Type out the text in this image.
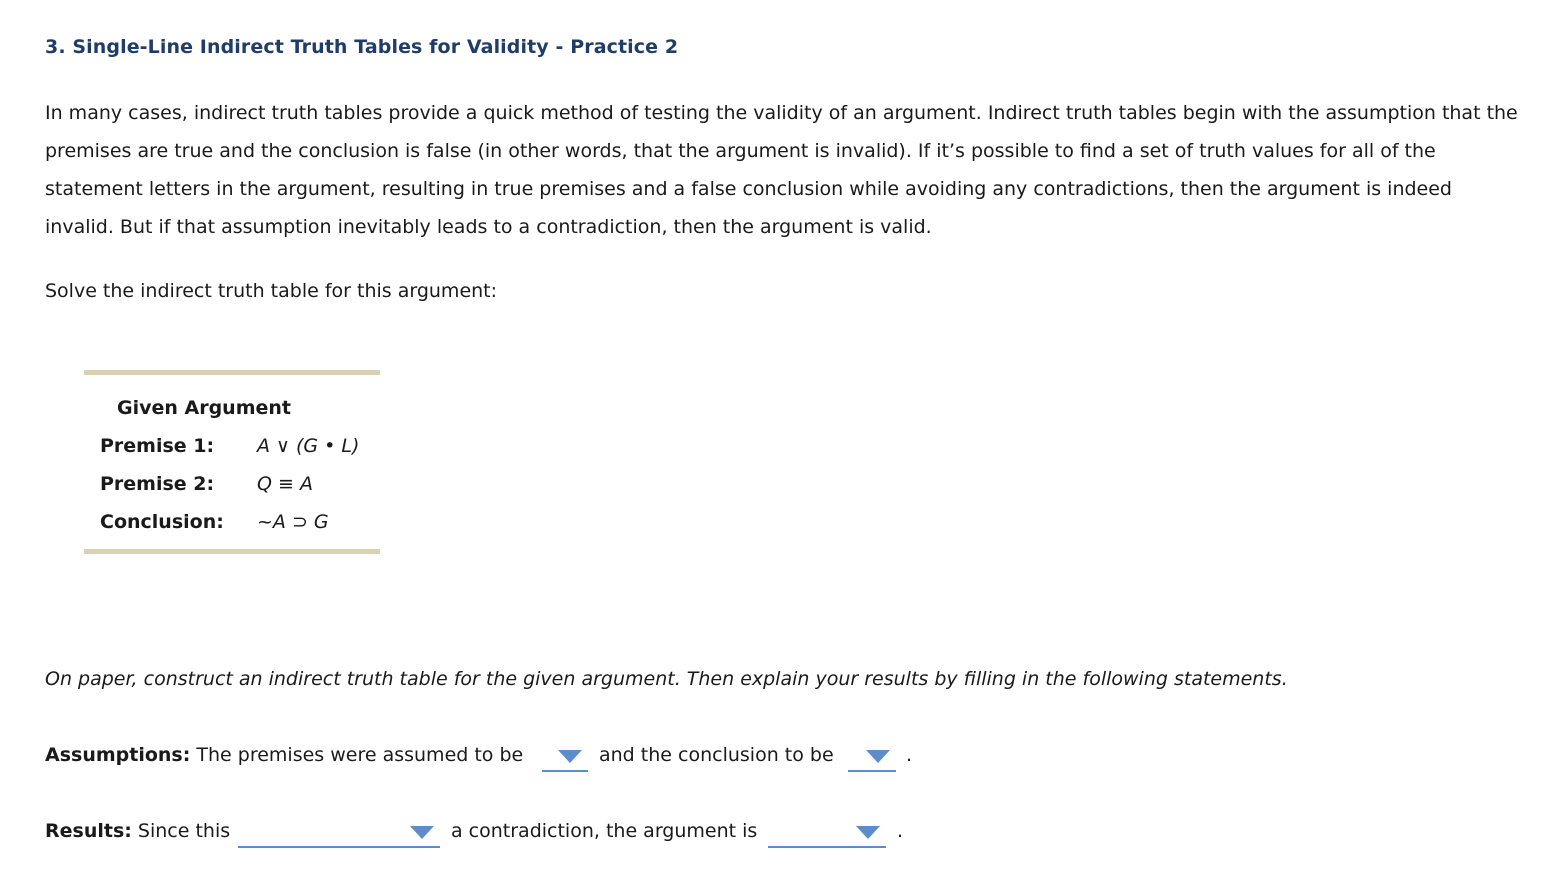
3. Single-Line Indirect Truth Tables for Validity - Practice 2

In many cases, indirect truth tables provide a quick method of testing the validity of an argument. Indirect truth tables begin with the assumption that the premises are true and the conclusion is false (in other words, that the argument is invalid). If it’s possible to find a set of truth values for all of the statement letters in the argument, resulting in true premises and a false conclusion while avoiding any contradictions, then the argument is indeed invalid. But if that assumption inevitably leads to a contradiction, then the argument is valid.

Solve the indirect truth table for this argument:

Given Argument
Premise 1: A ∨ (G • L)
Premise 2: Q ≡ A
Conclusion: ~A ⊃ G

On paper, construct an indirect truth table for the given argument. Then explain your results by filling in the following statements.

Assumptions: The premises were assumed to be	and the conclusion to be	.
Results: Since this	a contradiction, the argument is	.
